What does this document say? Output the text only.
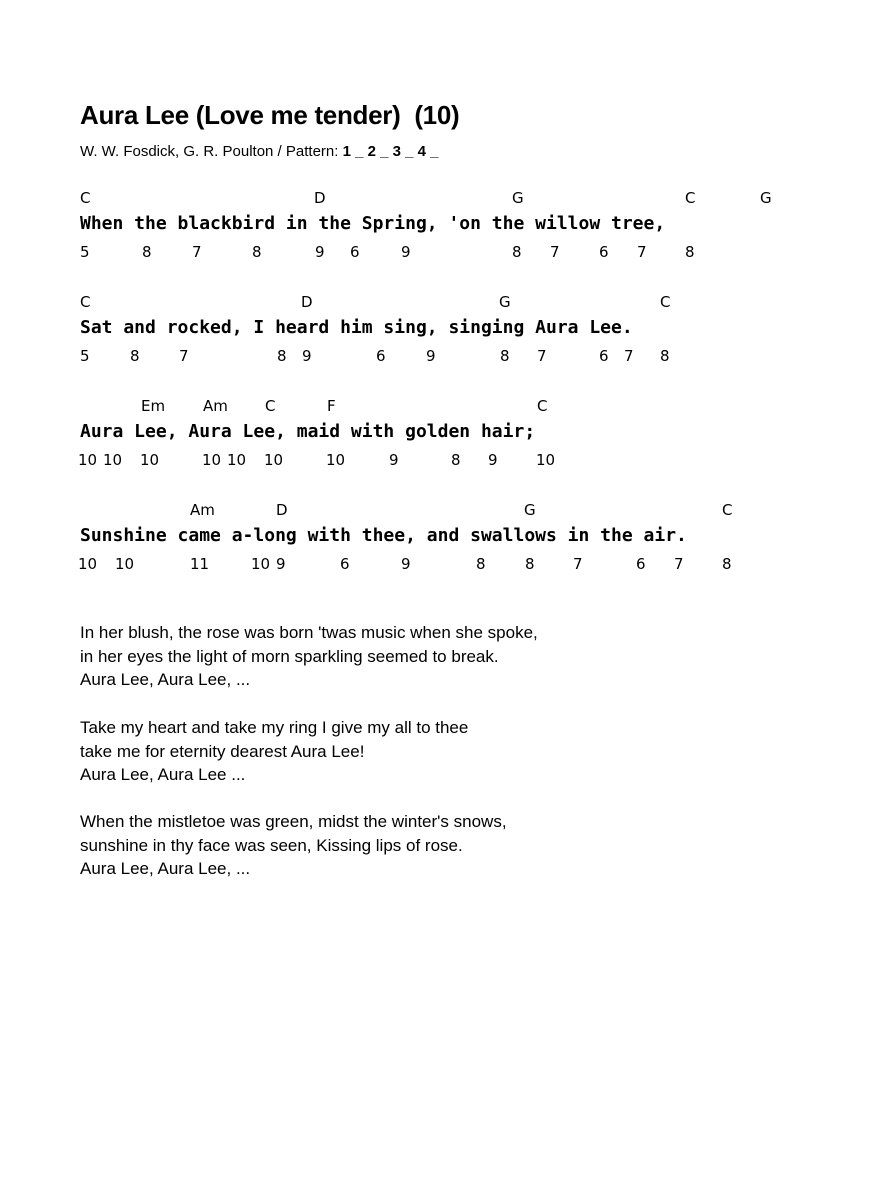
Aura Lee (Love me tender)  (10)
W. W. Fosdick, G. R. Poulton / Pattern: 1 _ 2 _ 3 _ 4 _
C	D	G	C	G
When the blackbird in the Spring, 'on the willow tree,
5	8	7	8	9 6	9	8 7	6 7	8
C	D	G	C
Sat and rocked, I heard him sing, singing Aura Lee.
5	8	7	8 9	6	9	8 7	6 7 8
Em	Am C	F	C
Aura Lee, Aura Lee, maid with golden hair;
10 10 10	10 10 10	10	9	8 9	10
Am	D	G	C
Sunshine came a-long with thee, and swallows in the air.
10 10	11	10 9	6	9	8	8	7	6 7	8
In her blush, the rose was born 'twas music when she spoke,
in her eyes the light of morn sparkling seemed to break.
Aura Lee, Aura Lee, ...
Take my heart and take my ring I give my all to thee
take me for eternity dearest Aura Lee!
Aura Lee, Aura Lee ...
When the mistletoe was green, midst the winter's snows,
sunshine in thy face was seen, Kissing lips of rose.
Aura Lee, Aura Lee, ...
